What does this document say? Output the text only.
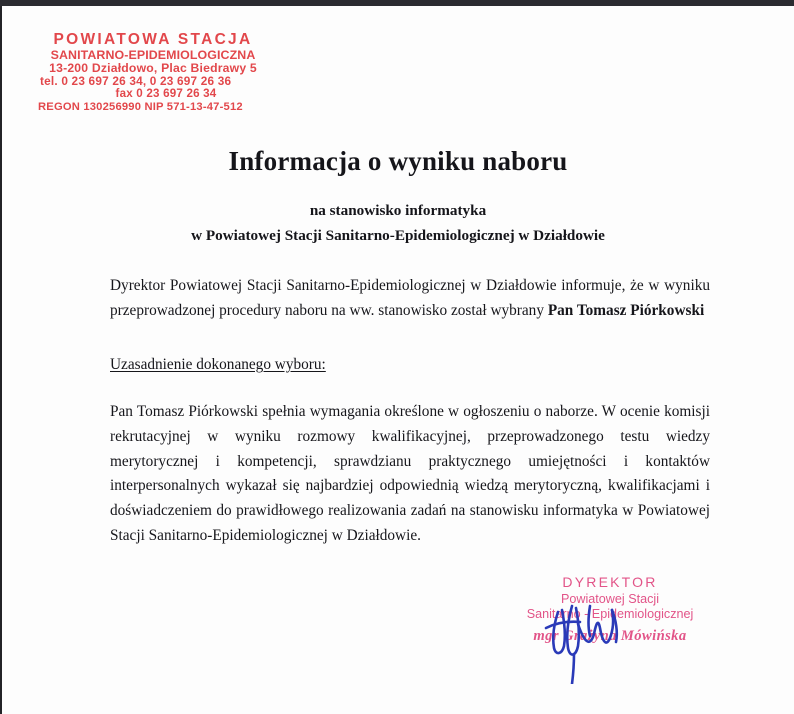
POWIATOWA STACJA
SANITARNO-EPIDEMIOLOGICZNA
13-200 Działdowo, Plac Biedrawy 5
tel. 0 23 697 26 34, 0 23 697 26 36
fax 0 23 697 26 34
REGON 130256990 NIP 571-13-47-512
Informacja o wyniku naboru
na stanowisko informatyka
w Powiatowej Stacji Sanitarno-Epidemiologicznej w Działdowie
Dyrektor Powiatowej Stacji Sanitarno-Epidemiologicznej w Działdowie informuje, że w wyniku przeprowadzonej procedury naboru na ww. stanowisko został wybrany Pan Tomasz Piórkowski
Uzasadnienie dokonanego wyboru:
Pan Tomasz Piórkowski spełnia wymagania określone w ogłoszeniu o naborze. W ocenie komisji rekrutacyjnej w wyniku rozmowy kwalifikacyjnej, przeprowadzonego testu wiedzy merytorycznej i kompetencji, sprawdzianu praktycznego umiejętności i kontaktów interpersonalnych wykazał się najbardziej odpowiednią wiedzą merytoryczną, kwalifikacjami i doświadczeniem do prawidłowego realizowania zadań na stanowisku informatyka w Powiatowej Stacji Sanitarno-Epidemiologicznej w Działdowie.
DYREKTOR
Powiatowej Stacji
Sanitarno - Epidemiologicznej
mgr Grażyna Mówińska
